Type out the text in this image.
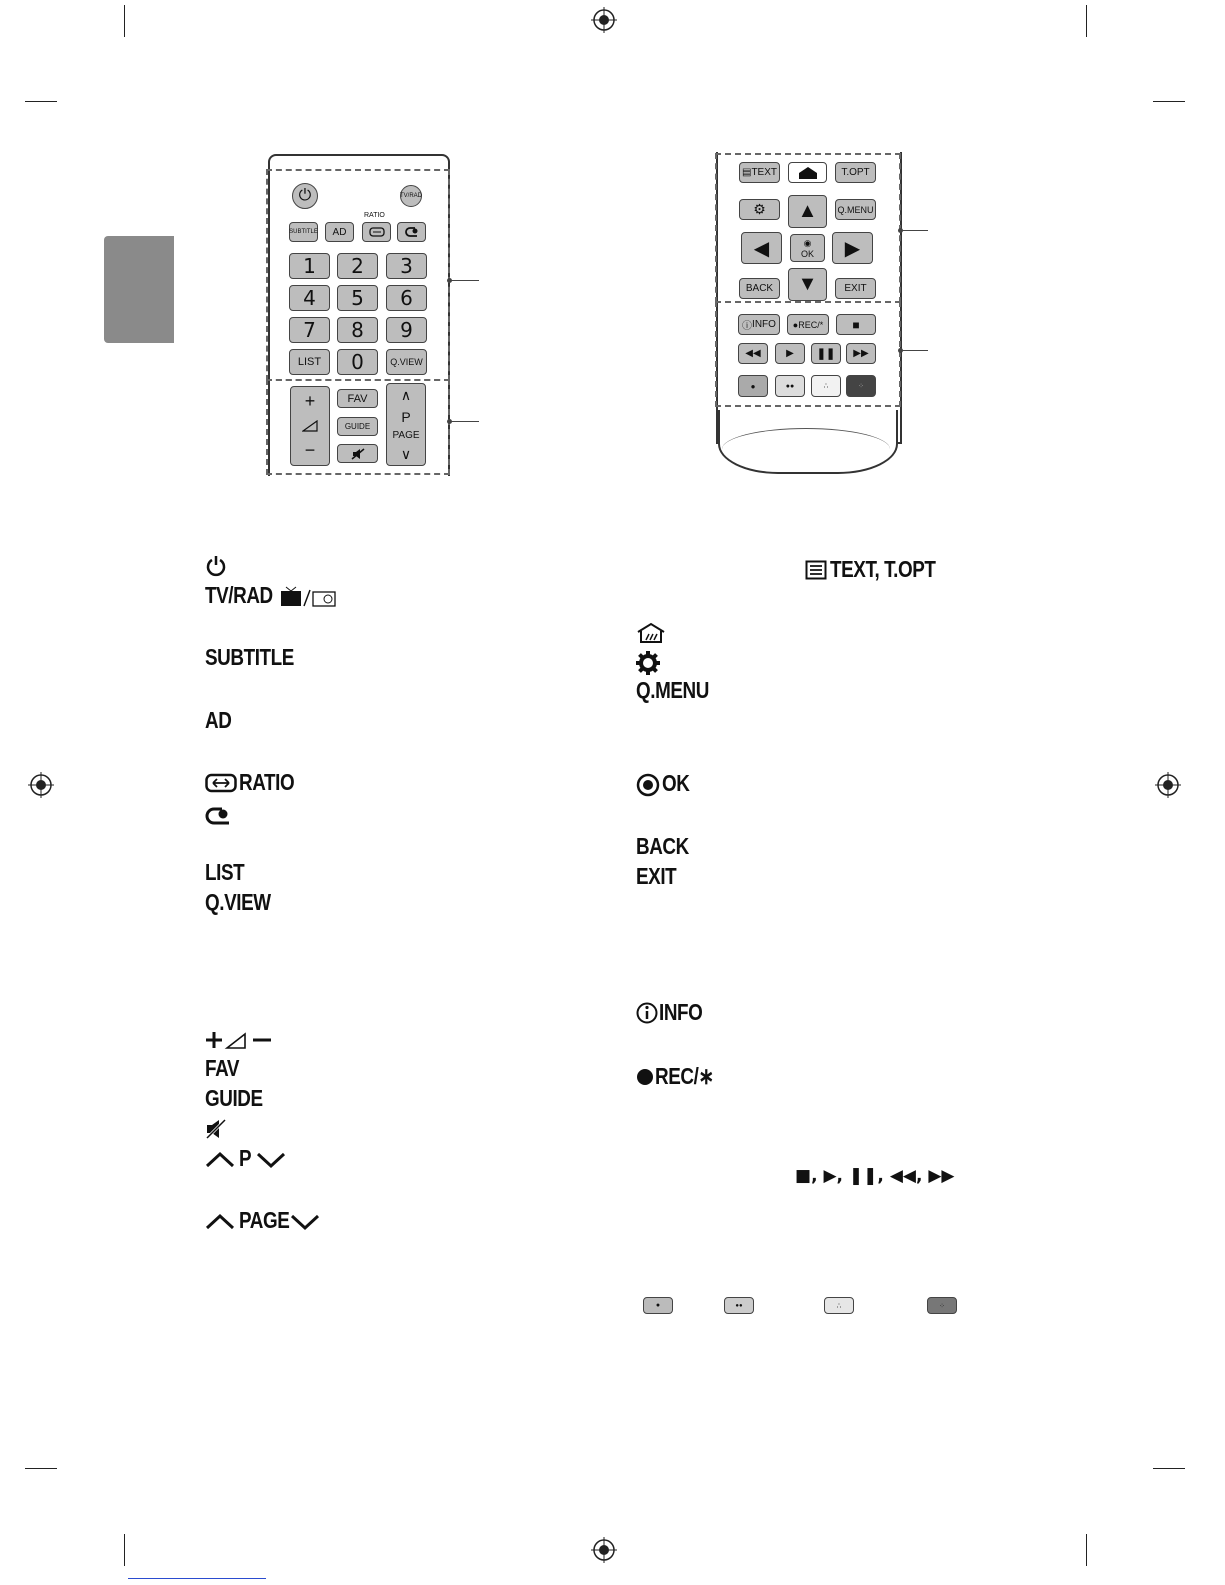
⏻	TV/RAD
SUBTITLE AD
RATIO
1 2 3
4 5 6
7 8 9
LIST 0	Q.VIEW
+
−
FAV
GUIDE
∧
P
PAGE
∨
▤ TEXT	T.OPT
⚙	Q.MENU
▲
◀	◉
OK ▶
▼
BACK	EXIT
ⓘ INFO ● REC/* ■
◀◀	▶ ❚❚ ▶▶
●	●●	∴	⁘
TV/RAD
SUBTITLE
AD
RATIO
LIST
Q.VIEW
FAV
GUIDE
P
PAGE
TEXT, T.OPT
Q.MENU
OK
BACK
EXIT
INFO
REC/∗
■, ▶, ❚❚, ◀◀, ▶▶
●	●●	∴	⁘
